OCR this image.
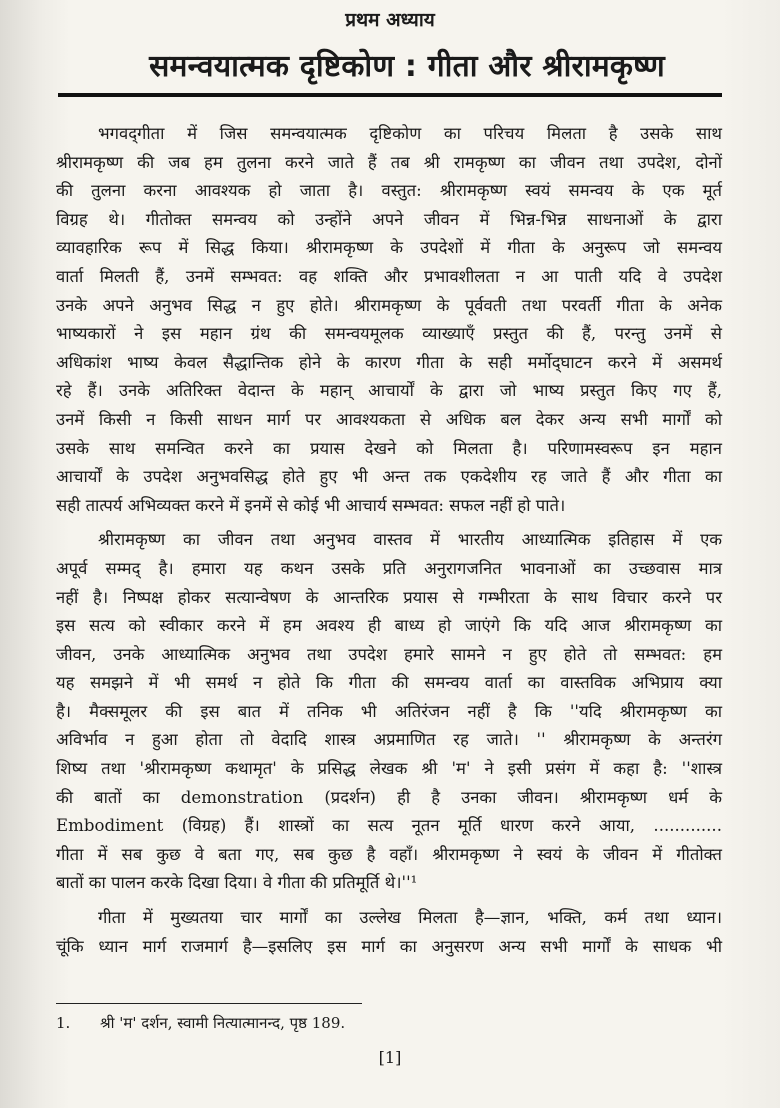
प्रथम अध्याय
समन्वयात्मक दृष्टिकोण : गीता और श्रीरामकृष्ण
भगवद्‌गीता में जिस समन्वयात्मक दृष्टिकोण का परिचय मिलता है उसके साथ
श्रीरामकृष्ण की जब हम तुलना करने जाते हैं तब श्री रामकृष्ण का जीवन तथा उपदेश, दोनों
की तुलना करना आवश्यक हो जाता है। वस्तुत: श्रीरामकृष्ण स्वयं समन्वय के एक मूर्त
विग्रह थे। गीतोक्त समन्वय को उन्होंने अपने जीवन में भिन्न-भिन्न साधनाओं के द्वारा
व्यावहारिक रूप में सिद्ध किया। श्रीरामकृष्ण के उपदेशों में गीता के अनुरूप जो समन्वय
वार्ता मिलती हैं, उनमें सम्भवत: वह शक्ति और प्रभावशीलता न आ पाती यदि वे उपदेश
उनके अपने अनुभव सिद्ध न हुए होते। श्रीरामकृष्ण के पूर्ववती तथा परवर्ती गीता के अनेक
भाष्यकारों ने इस महान ग्रंथ की समन्वयमूलक व्याख्याएँ प्रस्तुत की हैं, परन्तु उनमें से
अधिकांश भाष्य केवल सैद्धान्तिक होने के कारण गीता के सही मर्मोद्‌घाटन करने में असमर्थ
रहे हैं। उनके अतिरिक्त वेदान्त के महान्‌ आचार्यों के द्वारा जो भाष्य प्रस्तुत किए गए हैं,
उनमें किसी न किसी साधन मार्ग पर आवश्यकता से अधिक बल देकर अन्य सभी मार्गों को
उसके साथ समन्वित करने का प्रयास देखने को मिलता है। परिणामस्वरूप इन महान
आचार्यों के उपदेश अनुभवसिद्ध होते हुए भी अन्त तक एकदेशीय रह जाते हैं और गीता का
सही तात्पर्य अभिव्यक्त करने में इनमें से कोई भी आचार्य सम्भवत: सफल नहीं हो पाते।
श्रीरामकृष्ण का जीवन तथा अनुभव वास्तव में भारतीय आध्यात्मिक इतिहास में एक
अपूर्व सम्मद्‌ है। हमारा यह कथन उसके प्रति अनुरागजनित भावनाओं का उच्छवास मात्र
नहीं है। निष्पक्ष होकर सत्यान्वेषण के आन्तरिक प्रयास से गम्भीरता के साथ विचार करने पर
इस सत्य को स्वीकार करने में हम अवश्य ही बाध्य हो जाएंगे कि यदि आज श्रीरामकृष्ण का
जीवन, उनके आध्यात्मिक अनुभव तथा उपदेश हमारे सामने न हुए होते तो सम्भवत: हम
यह समझने में भी समर्थ न होते कि गीता की समन्वय वार्ता का वास्तविक अभिप्राय क्या
है। मैक्समूलर की इस बात में तनिक भी अतिरंजन नहीं है कि ''यदि श्रीरामकृष्ण का
अविर्भाव न हुआ होता तो वेदादि शास्त्र अप्रमाणित रह जाते। '' श्रीरामकृष्ण के अन्तरंग
शिष्य तथा 'श्रीरामकृष्ण कथामृत' के प्रसिद्ध लेखक श्री 'म' ने इसी प्रसंग में कहा है: ''शास्त्र
की बातों का demonstration (प्रदर्शन) ही है उनका जीवन। श्रीरामकृष्ण धर्म के
Embodiment (विग्रह) हैं। शास्त्रों का सत्य नूतन मूर्ति धारण करने आया, .............
गीता में सब कुछ वे बता गए, सब कुछ है वहाँ। श्रीरामकृष्ण ने स्वयं के जीवन में गीतोक्त
बातों का पालन करके दिखा दिया। वे गीता की प्रतिमूर्ति थे।''¹
गीता में मुख्यतया चार मार्गों का उल्लेख मिलता है—ज्ञान, भक्ति, कर्म तथा ध्यान।
चूंकि ध्यान मार्ग राजमार्ग है—इसलिए इस मार्ग का अनुसरण अन्य सभी मार्गों के साधक भी
1. श्री 'म' दर्शन, स्वामी नित्यात्मानन्द, पृष्ठ 189.
[1]
